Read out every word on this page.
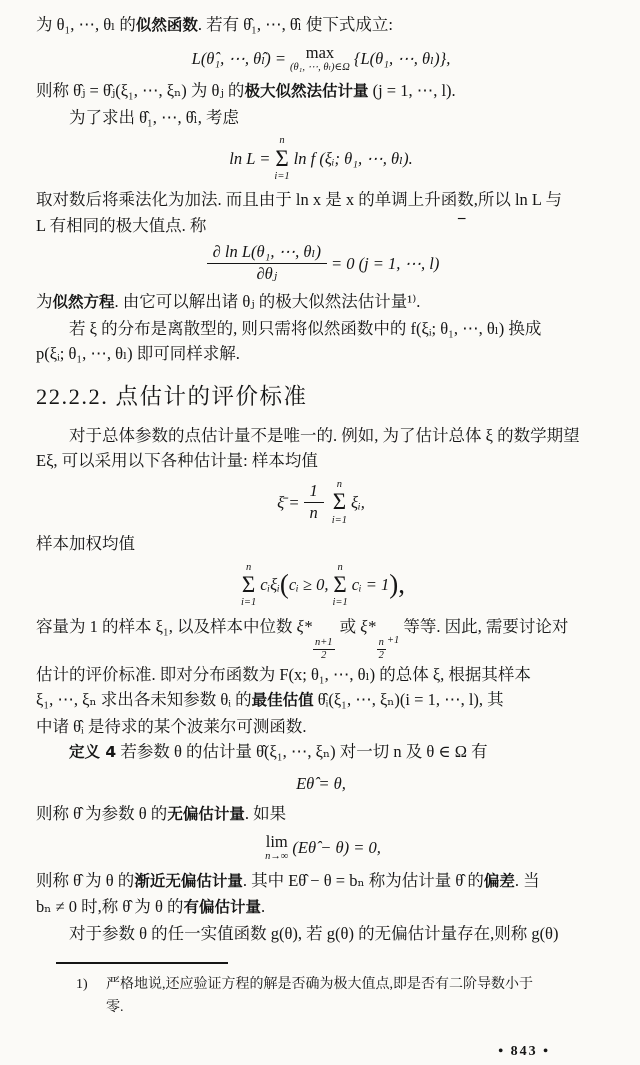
为 θ₁, ⋯, θₗ 的似然函数. 若有 θ̂₁, ⋯, θ̂ₗ 使下式成立:

L(θ̂₁, ⋯, θ̂ₗ) = max
(θ₁, ⋯, θₗ)∈Ω {L(θ₁, ⋯, θₗ)},

则称 θ̂ⱼ = θ̂ⱼ(ξ₁, ⋯, ξₙ) 为 θⱼ 的极大似然法估计量 (j = 1, ⋯, l).

为了求出 θ̂₁, ⋯, θ̂ₗ, 考虑

ln L =
n
Σ
i=1
ln f (ξᵢ; θ₁, ⋯, θₗ).

取对数后将乘法化为加法. 而且由于 ln x 是 x 的单调上升函数,所以 ln L 与

L 有相同的极大值点. 称	−

$\frac{\text{∂ ln L(θ₁, ⋯, θₗ)}}{\text{∂θⱼ}} = 0$ (j = 1, ⋯, l)

为似然方程. 由它可以解出诸 θⱼ 的极大似然法估计量¹⁾.

若 ξ 的分布是离散型的, 则只需将似然函数中的 f(ξᵢ; θ₁, ⋯, θₗ) 换成

p(ξᵢ; θ₁, ⋯, θₗ) 即可同样求解.

22.2.2. 点估计的评价标准

对于总体参数的点估计量不是唯一的. 例如, 为了估计总体 ξ 的数学期望

Eξ, 可以采用以下各种估计量: 样本均值

ξ̄ = $\frac{1}{n}$ n
Σ
i=1
ξᵢ,

样本加权均值

n
Σ
i=1
cᵢξᵢ ( cᵢ ≥ 0,
n
Σ
i=1
cᵢ = 1 ),

容量为 1 的样本 ξ₁, 以及样本中位数 ξ*
$\frac{n+1}{2}$
或 ξ*
$\frac{n}{2} _{+1}$ 等等. 因此, 需要讨论对

估计的评价标准. 即对分布函数为 F(x; θ₁, ⋯, θₗ) 的总体 ξ, 根据其样本

ξ₁, ⋯, ξₙ 求出各未知参数 θᵢ 的最佳估值 θ̂ᵢ(ξ₁, ⋯, ξₙ)(i = 1, ⋯, l), 其

中诸 θ̂ᵢ 是待求的某个波莱尔可测函数.

定义 4 若参数 θ 的估计量 θ̂(ξ₁, ⋯, ξₙ) 对一切 n 及 θ ∈ Ω 有

Eθ̂ = θ,

则称 θ̂ 为参数 θ 的无偏估计量. 如果

lim
n→∞ (Eθ̂ − θ) = 0,

则称 θ̂ 为 θ 的渐近无偏估计量. 其中 Eθ̂ − θ = bₙ 称为估计量 θ̂ 的偏差. 当

bₙ ≠ 0 时,称 θ̂ 为 θ 的有偏估计量.

对于参数 θ 的任一实值函数 g(θ), 若 g(θ) 的无偏估计量存在,则称 g(θ)

1)	严格地说,还应验证方程的解是否确为极大值点,即是否有二阶导数小于
零.
• 843 •
